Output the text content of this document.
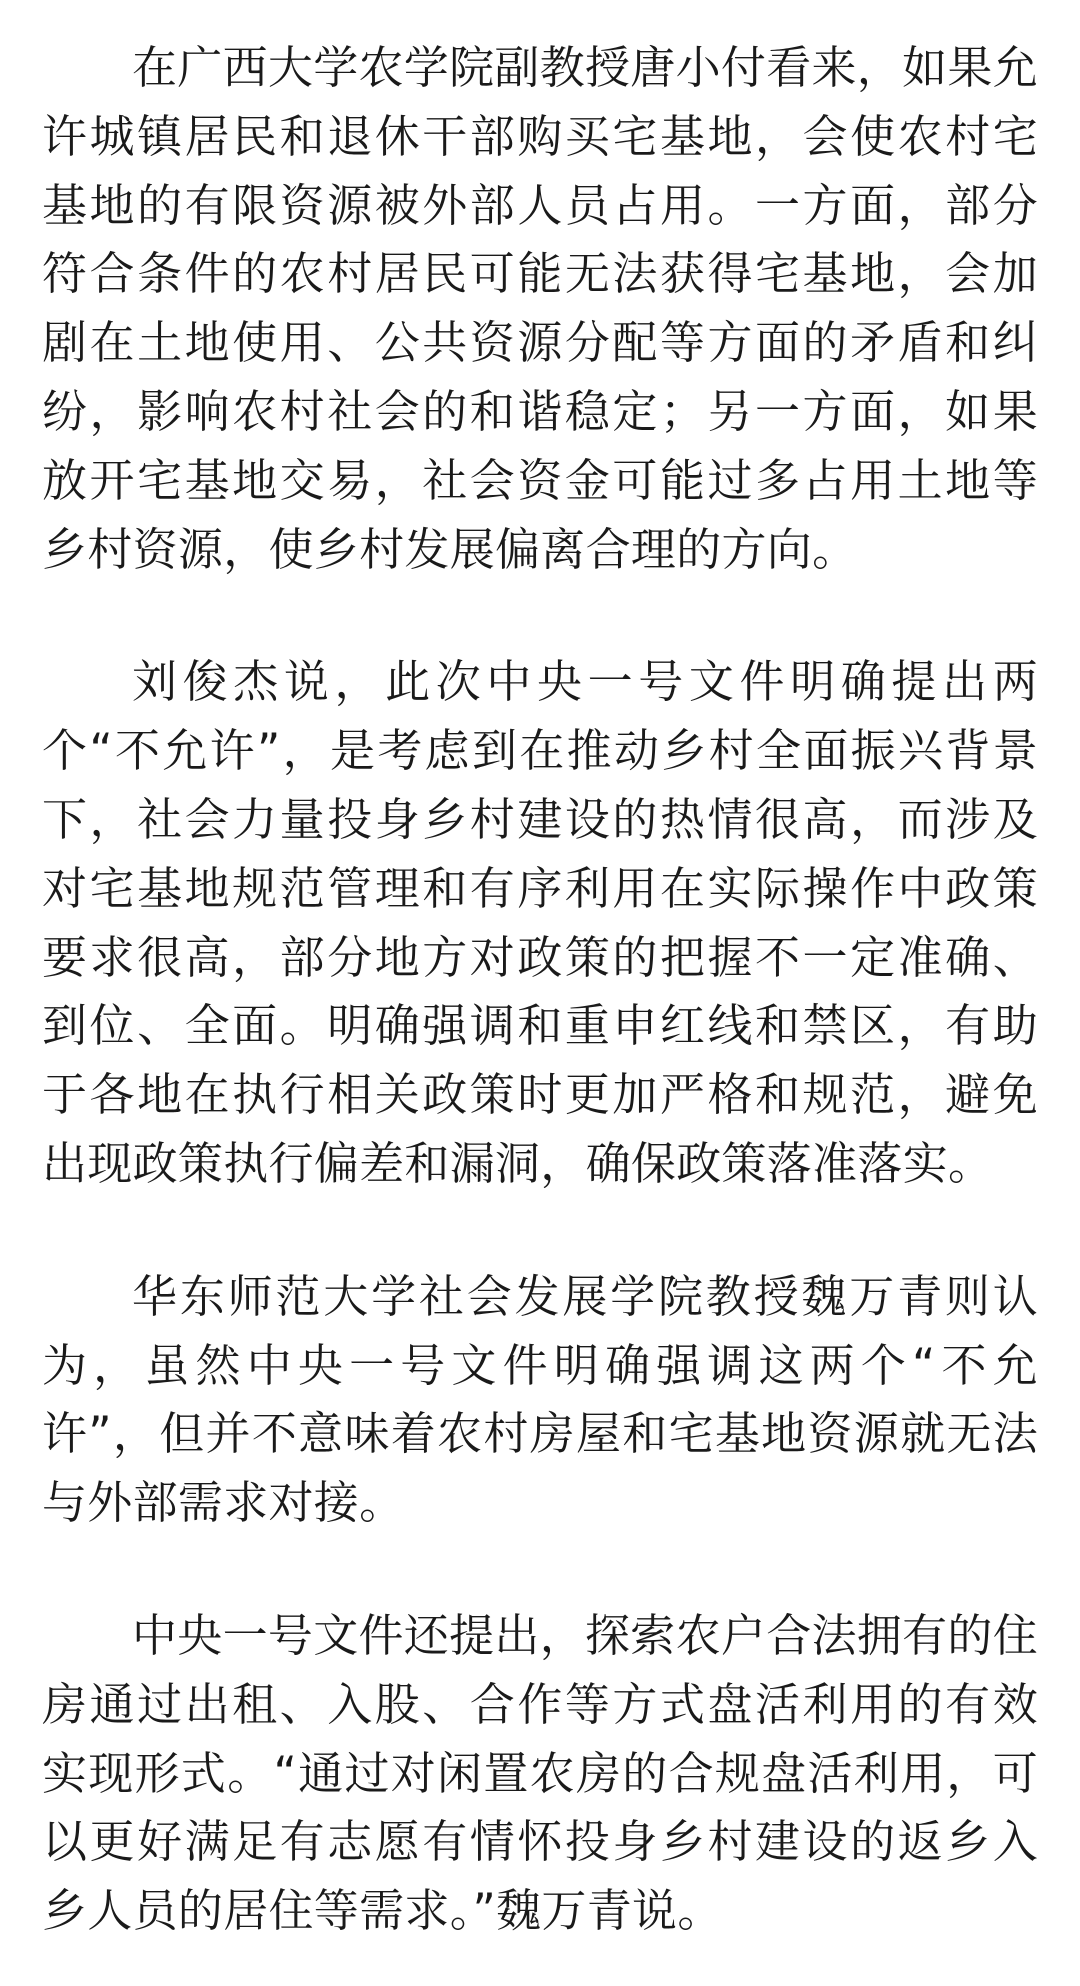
在广西大学农学院副教授唐小付看来，如果允许城镇居民和退休干部购买宅基地，会使农村宅基地的有限资源被外部人员占用。一方面，部分符合条件的农村居民可能无法获得宅基地，会加剧在土地使用、公共资源分配等方面的矛盾和纠纷，影响农村社会的和谐稳定；另一方面，如果放开宅基地交易，社会资金可能过多占用土地等乡村资源，使乡村发展偏离合理的方向。

刘俊杰说，此次中央一号文件明确提出两个“不允许”，是考虑到在推动乡村全面振兴背景下，社会力量投身乡村建设的热情很高，而涉及对宅基地规范管理和有序利用在实际操作中政策要求很高，部分地方对政策的把握不一定准确、到位、全面。明确强调和重申红线和禁区，有助于各地在执行相关政策时更加严格和规范，避免出现政策执行偏差和漏洞，确保政策落准落实。

华东师范大学社会发展学院教授魏万青则认为，虽然中央一号文件明确强调这两个“不允许”，但并不意味着农村房屋和宅基地资源就无法与外部需求对接。

中央一号文件还提出，探索农户合法拥有的住房通过出租、入股、合作等方式盘活利用的有效实现形式。“通过对闲置农房的合规盘活利用，可以更好满足有志愿有情怀投身乡村建设的返乡入乡人员的居住等需求。”魏万青说。
